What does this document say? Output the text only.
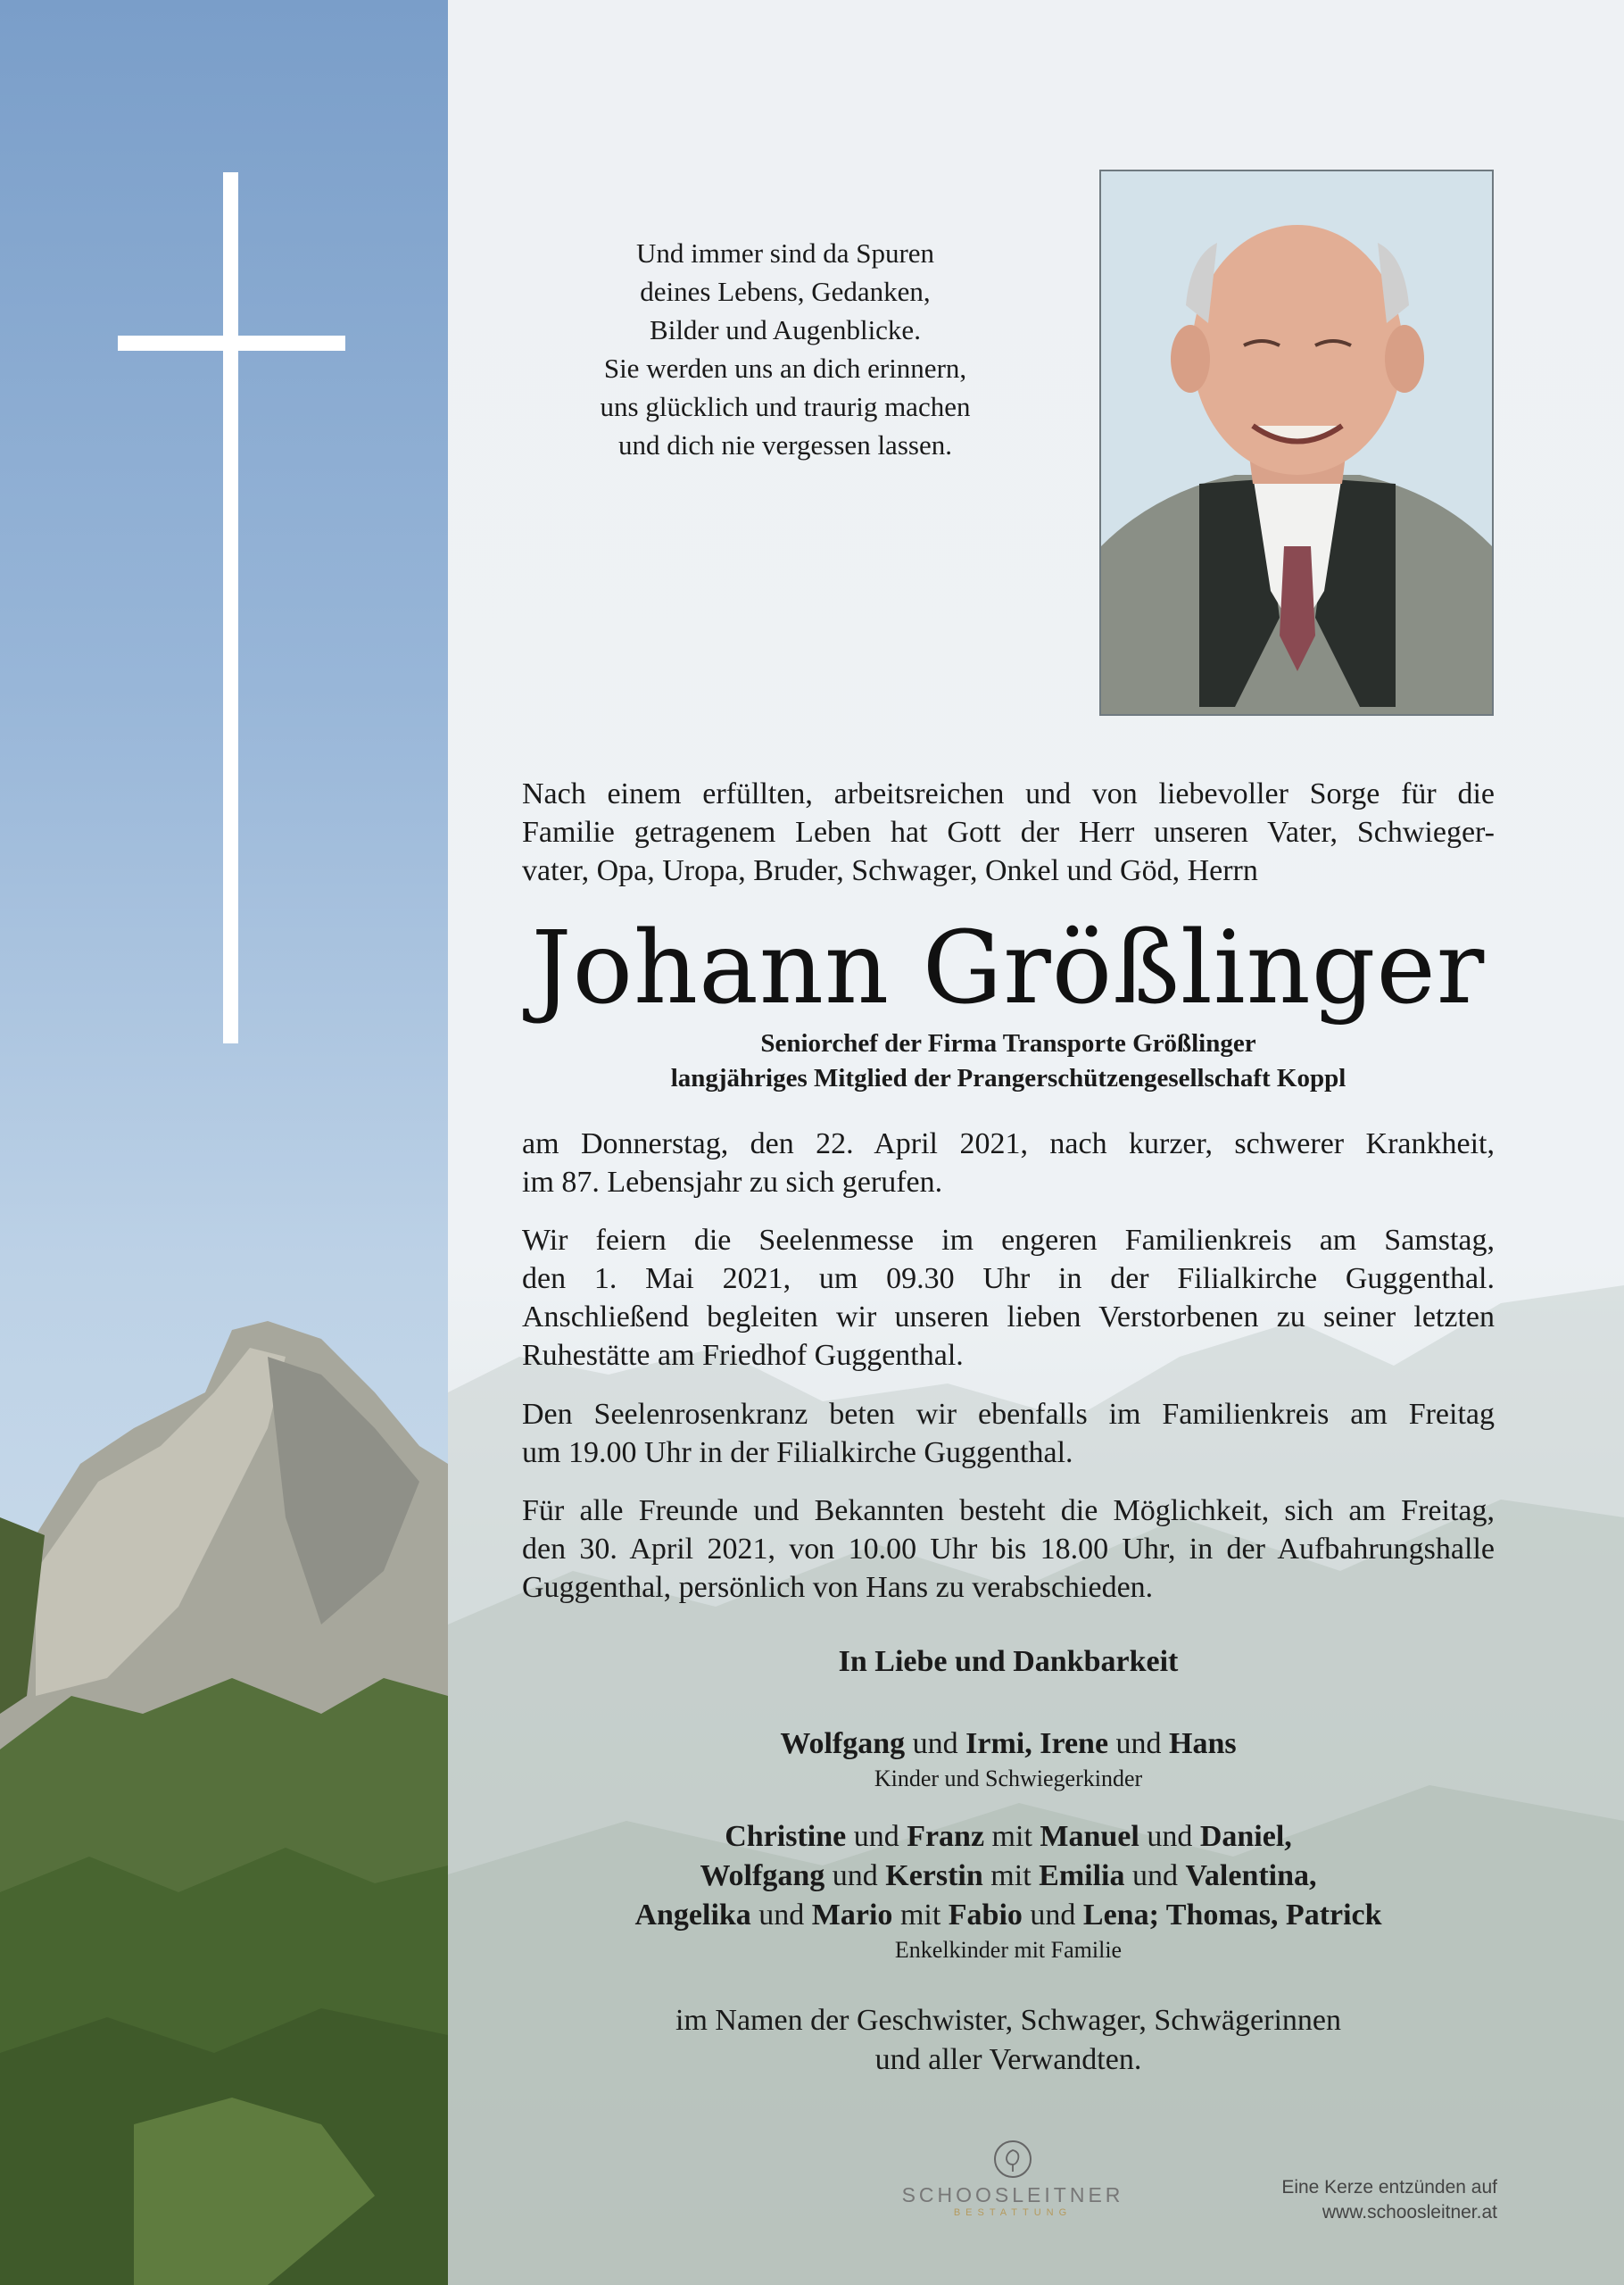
Und immer sind da Spuren
deines Lebens, Gedanken,
Bilder und Augenblicke.
Sie werden uns an dich erinnern,
uns glücklich und traurig machen
und dich nie vergessen lassen.
Nach einem erfüllten, arbeitsreichen und von liebevoller Sorge für die
Familie getragenem Leben hat Gott der Herr unseren Vater, Schwieger-
vater, Opa, Uropa, Bruder, Schwager, Onkel und Göd, Herrn
Johann Größlinger
Seniorchef der Firma Transporte Größlinger
langjähriges Mitglied der Prangerschützengesellschaft Koppl
am Donnerstag, den 22. April 2021, nach kurzer, schwerer Krankheit,
im 87. Lebensjahr zu sich gerufen.
Wir feiern die Seelenmesse im engeren Familienkreis am Samstag,
den 1. Mai 2021, um 09.30 Uhr in der Filialkirche Guggenthal.
Anschließend begleiten wir unseren lieben Verstorbenen zu seiner letzten
Ruhestätte am Friedhof Guggenthal.
Den Seelenrosenkranz beten wir ebenfalls im Familienkreis am Freitag
um 19.00 Uhr in der Filialkirche Guggenthal.
Für alle Freunde und Bekannten besteht die Möglichkeit, sich am Freitag,
den 30. April 2021, von 10.00 Uhr bis 18.00 Uhr, in der Aufbahrungshalle
Guggenthal, persönlich von Hans zu verabschieden.
In Liebe und Dankbarkeit
Wolfgang und Irmi, Irene und Hans
Kinder und Schwiegerkinder
Christine und Franz mit Manuel und Daniel,
Wolfgang und Kerstin mit Emilia und Valentina,
Angelika und Mario mit Fabio und Lena; Thomas, Patrick
Enkelkinder mit Familie
im Namen der Geschwister, Schwager, Schwägerinnen
und aller Verwandten.
SCHOOSLEITNER
BESTATTUNG
Eine Kerze entzünden auf
www.schoosleitner.at
